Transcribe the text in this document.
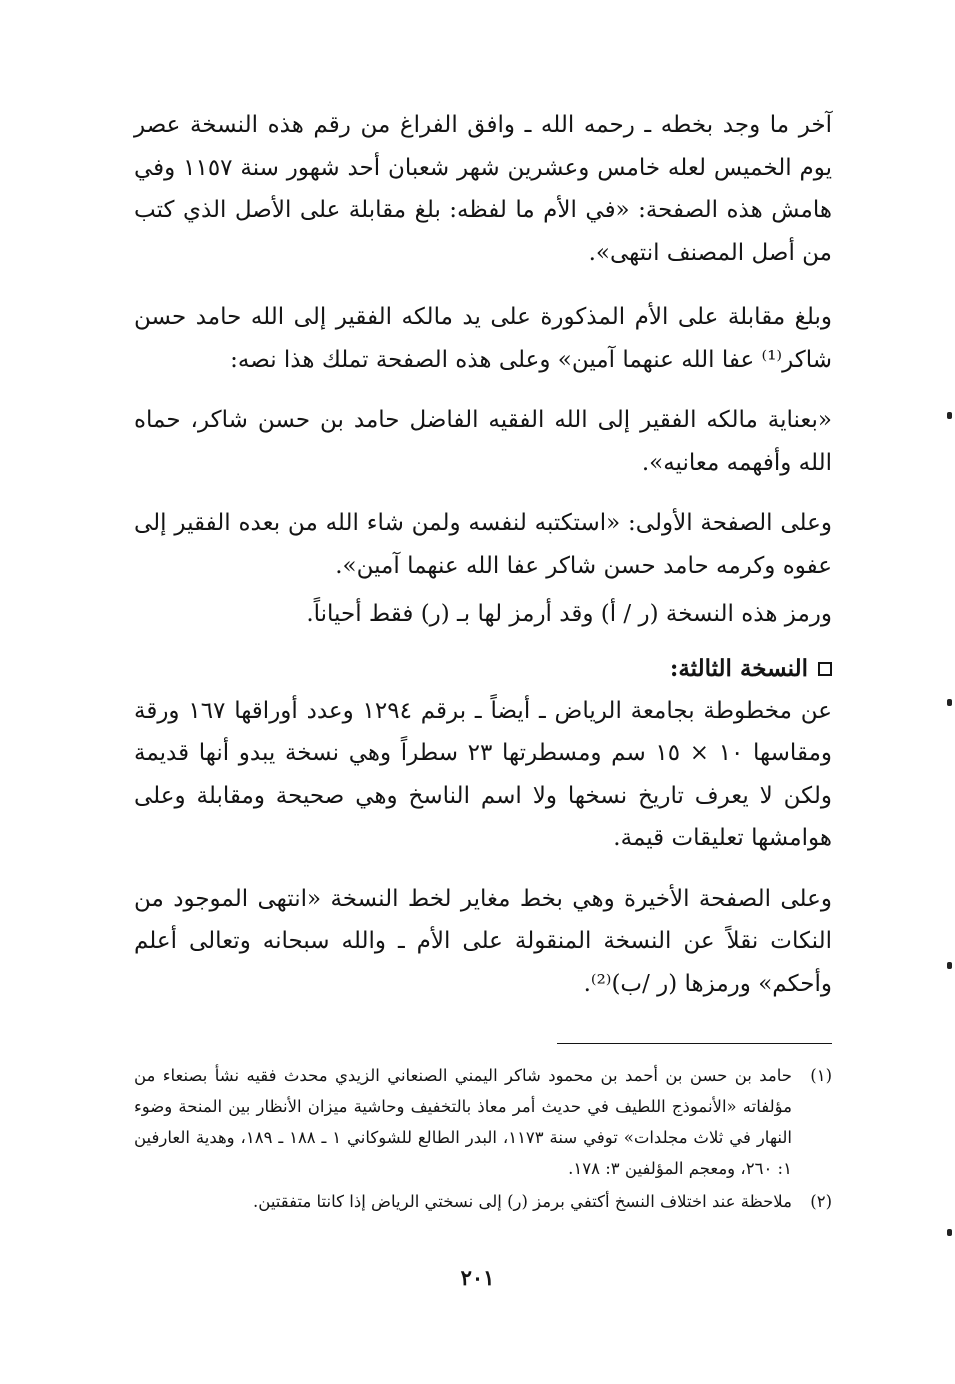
آخر ما وجد بخطه ـ رحمه الله ـ وافق الفراغ من رقم هذه النسخة عصر يوم الخميس لعله خامس وعشرين شهر شعبان أحد شهور سنة ١١٥٧ وفي هامش هذه الصفحة: «في الأم ما لفظه: بلغ مقابلة على الأصل الذي كتب من أصل المصنف انتهى».

وبلغ مقابلة على الأم المذكورة على يد مالكه الفقير إلى الله حامد حسن شاكر⁽¹⁾ عفا الله عنهما آمين» وعلى هذه الصفحة تملك هذا نصه:

«بعناية مالكه الفقير إلى الله الفقيه الفاضل حامد بن حسن شاكر، حماه الله وأفهمه معانيه».

وعلى الصفحة الأولى: «استكتبه لنفسه ولمن شاء الله من بعده الفقير إلى عفوه وكرمه حامد حسن شاكر عفا الله عنهما آمين».

ورمز هذه النسخة (ر / أ) وقد أرمز لها بـ (ر) فقط أحياناً.

النسخة الثالثة:

عن مخطوطة بجامعة الرياض ـ أيضاً ـ برقم ١٢٩٤ وعدد أوراقها ١٦٧ ورقة ومقاسها ١٠ × ١٥ سم ومسطرتها ٢٣ سطراً وهي نسخة يبدو أنها قديمة ولكن لا يعرف تاريخ نسخها ولا اسم الناسخ وهي صحيحة ومقابلة وعلى هوامشها تعليقات قيمة.

وعلى الصفحة الأخيرة وهي بخط مغاير لخط النسخة «انتهى الموجود من النكات نقلاً عن النسخة المنقولة على الأم ـ والله سبحانه وتعالى أعلم وأحكم» ورمزها (ر /ب)⁽²⁾.

(١)
حامد بن حسن بن أحمد بن محمود شاكر اليمني الصنعاني الزيدي محدث فقيه نشأ بصنعاء من مؤلفاته «الأنموذج اللطيف في حديث أمر معاذ بالتخفيف وحاشية ميزان الأنظار بين المنحة وضوء النهار في ثلاث مجلدات» توفي سنة ١١٧٣، البدر الطالع للشوكاني ١ ـ ١٨٨ ـ ١٨٩، وهدية العارفين ١: ٢٦٠، ومعجم المؤلفين ٣: ١٧٨.
(٢)
ملاحظة عند اختلاف النسخ أكتفي برمز (ر) إلى نسختي الرياض إذا كانتا متفقتين.
٢٠١
